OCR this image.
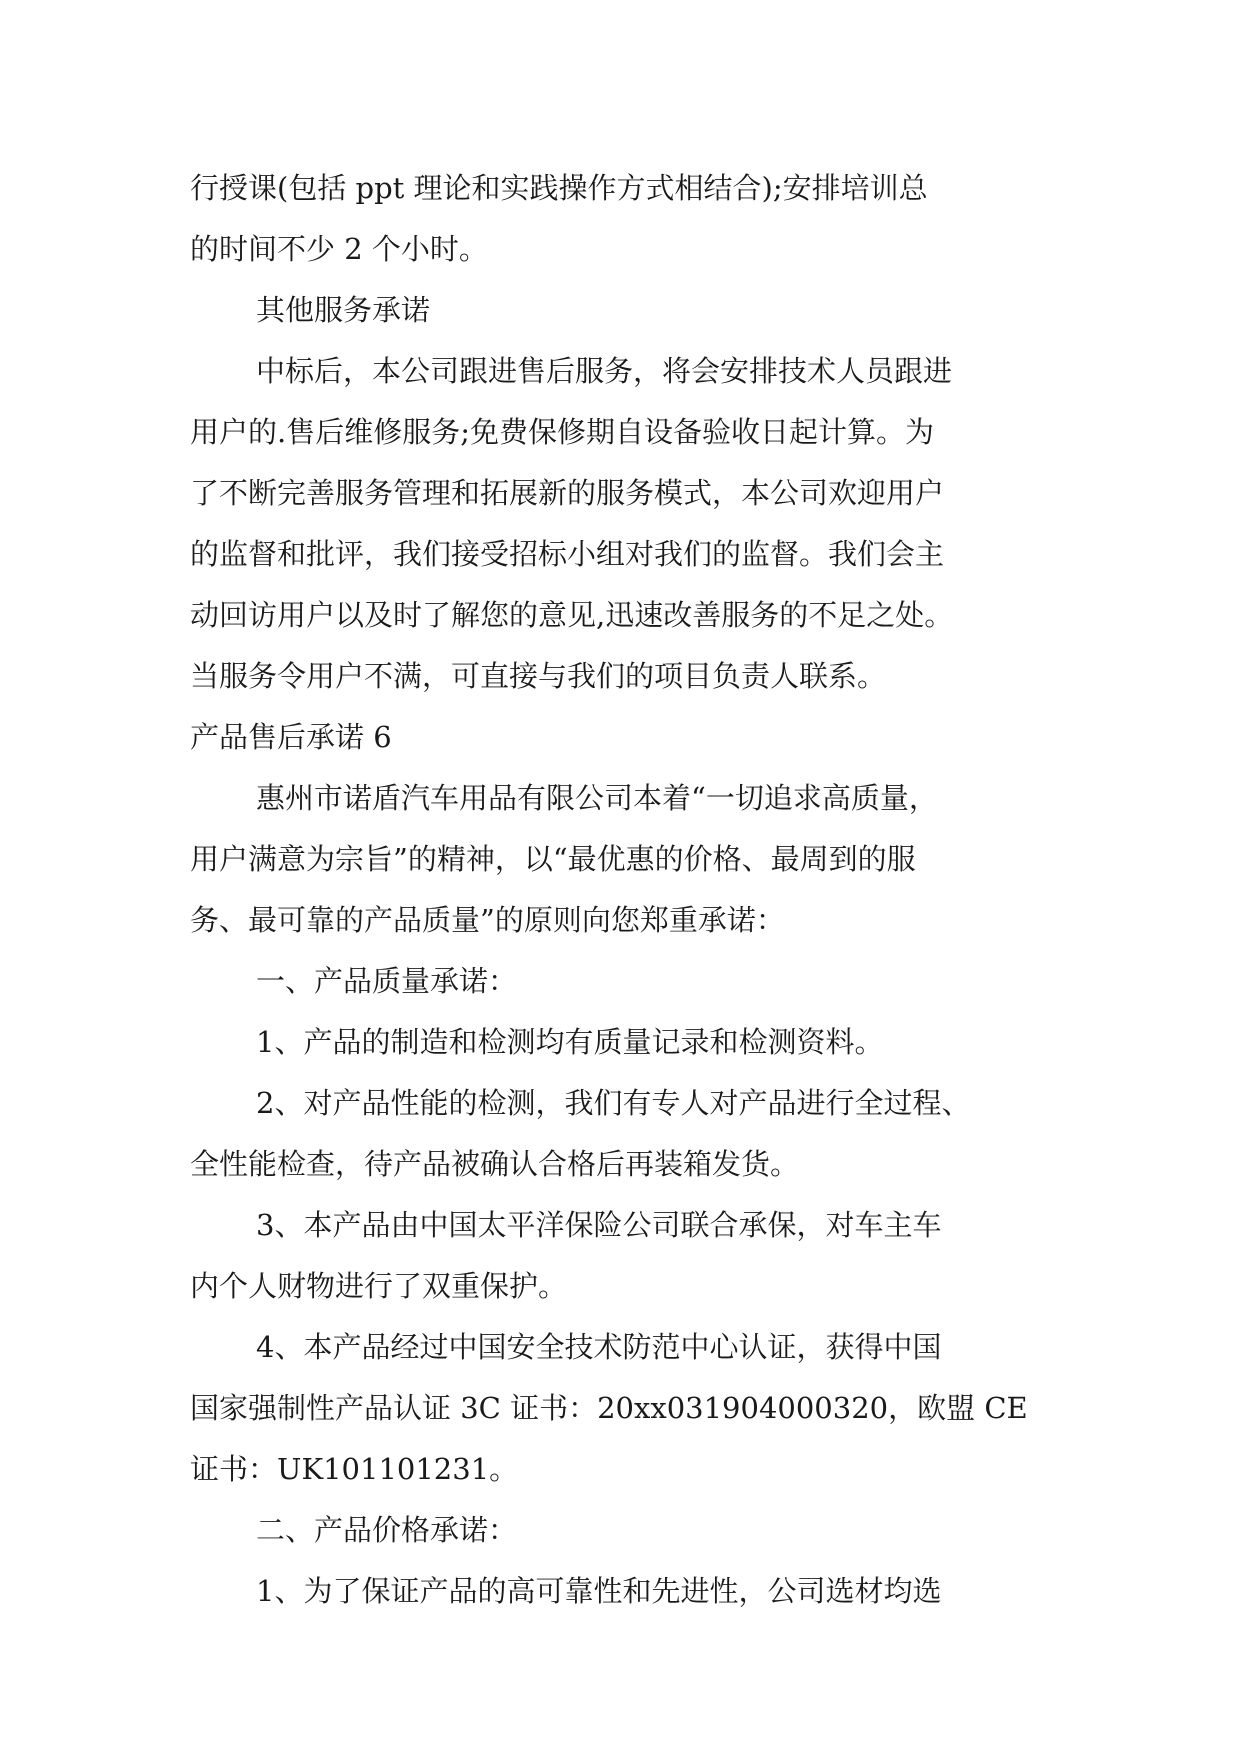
行授课(包括 ppt 理论和实践操作方式相结合);安排培训总
的时间不少 2 个小时。
其他服务承诺
中标后，本公司跟进售后服务，将会安排技术人员跟进
用户的.售后维修服务;免费保修期自设备验收日起计算。为
了不断完善服务管理和拓展新的服务模式，本公司欢迎用户
的监督和批评，我们接受招标小组对我们的监督。我们会主
动回访用户以及时了解您的意见,迅速改善服务的不足之处。
当服务令用户不满，可直接与我们的项目负责人联系。
产品售后承诺 6
惠州市诺盾汽车用品有限公司本着“一切追求高质量，
用户满意为宗旨”的精神，以“最优惠的价格、最周到的服
务、最可靠的产品质量”的原则向您郑重承诺：
一、产品质量承诺：
1、产品的制造和检测均有质量记录和检测资料。
2、对产品性能的检测，我们有专人对产品进行全过程、
全性能检查，待产品被确认合格后再装箱发货。
3、本产品由中国太平洋保险公司联合承保，对车主车
内个人财物进行了双重保护。
4、本产品经过中国安全技术防范中心认证，获得中国
国家强制性产品认证 3C 证书：20xx031904000320，欧盟 CE
证书：UK101101231。
二、产品价格承诺：
1、为了保证产品的高可靠性和先进性，公司选材均选
